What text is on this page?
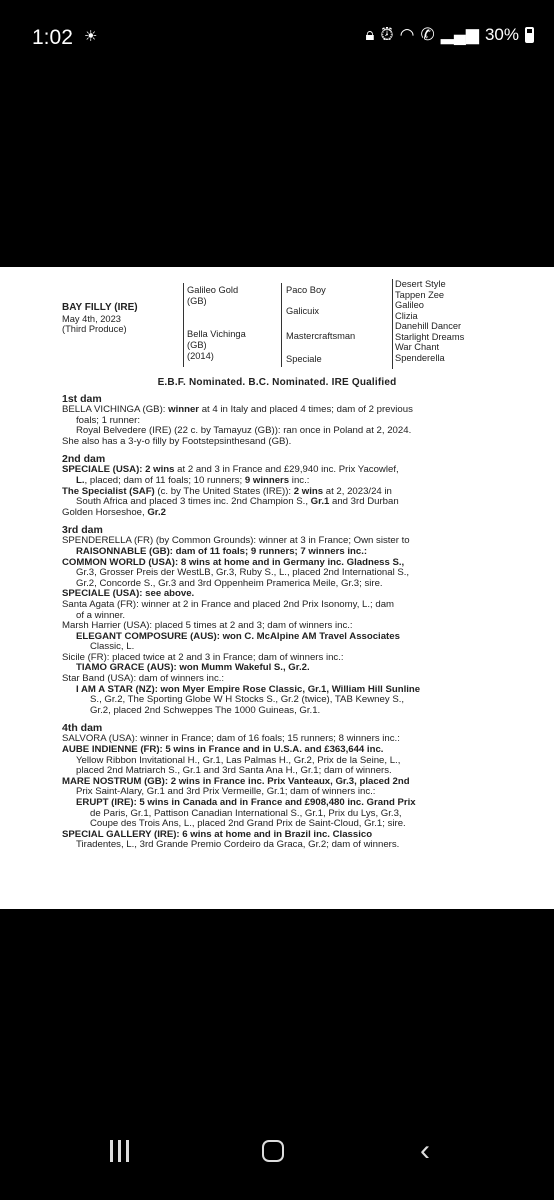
1:02 ☀	🔒︎ ⏰︎ ◠ ✆ ▂▄▆ 30%
BAY FILLY (IRE)
May 4th, 2023
(Third Produce)
Galileo Gold
(GB)
Bella Vichinga
(GB)
(2014)
Paco Boy
Galicuix
Mastercraftsman
Speciale
Desert Style
Tappen Zee
Galileo
Clizia
Danehill Dancer
Starlight Dreams
War Chant
Spenderella
E.B.F. Nominated. B.C. Nominated. IRE Qualified
1st dam

BELLA VICHINGA (GB): winner at 4 in Italy and placed 4 times; dam of 2 previous

foals; 1 runner:

Royal Belvedere (IRE) (22 c. by Tamayuz (GB)): ran once in Poland at 2, 2024.

She also has a 3-y-o filly by Footstepsinthesand (GB).

2nd dam

SPECIALE (USA): 2 wins at 2 and 3 in France and £29,940 inc. Prix Yacowlef,

L., placed; dam of 11 foals; 10 runners; 9 winners inc.:

The Specialist (SAF) (c. by The United States (IRE)): 2 wins at 2, 2023/24 in

South Africa and placed 3 times inc. 2nd Champion S., Gr.1 and 3rd Durban

Golden Horseshoe, Gr.2

3rd dam

SPENDERELLA (FR) (by Common Grounds): winner at 3 in France; Own sister to

RAISONNABLE (GB): dam of 11 foals; 9 runners; 7 winners inc.:

COMMON WORLD (USA): 8 wins at home and in Germany inc. Gladness S.,

Gr.3, Grosser Preis der WestLB, Gr.3, Ruby S., L., placed 2nd International S.,

Gr.2, Concorde S., Gr.3 and 3rd Oppenheim Pramerica Meile, Gr.3; sire.

SPECIALE (USA): see above.

Santa Agata (FR): winner at 2 in France and placed 2nd Prix Isonomy, L.; dam

of a winner.

Marsh Harrier (USA): placed 5 times at 2 and 3; dam of winners inc.:

ELEGANT COMPOSURE (AUS): won C. McAlpine AM Travel Associates

Classic, L.

Sicile (FR): placed twice at 2 and 3 in France; dam of winners inc.:

TIAMO GRACE (AUS): won Mumm Wakeful S., Gr.2.

Star Band (USA): dam of winners inc.:

I AM A STAR (NZ): won Myer Empire Rose Classic, Gr.1, William Hill Sunline

S., Gr.2, The Sporting Globe W H Stocks S., Gr.2 (twice), TAB Kewney S.,

Gr.2, placed 2nd Schweppes The 1000 Guineas, Gr.1.

4th dam

SALVORA (USA): winner in France; dam of 16 foals; 15 runners; 8 winners inc.:

AUBE INDIENNE (FR): 5 wins in France and in U.S.A. and £363,644 inc.

Yellow Ribbon Invitational H., Gr.1, Las Palmas H., Gr.2, Prix de la Seine, L.,

placed 2nd Matriarch S., Gr.1 and 3rd Santa Ana H., Gr.1; dam of winners.

MARE NOSTRUM (GB): 2 wins in France inc. Prix Vanteaux, Gr.3, placed 2nd

Prix Saint-Alary, Gr.1 and 3rd Prix Vermeille, Gr.1; dam of winners inc.:

ERUPT (IRE): 5 wins in Canada and in France and £908,480 inc. Grand Prix

de Paris, Gr.1, Pattison Canadian International S., Gr.1, Prix du Lys, Gr.3,

Coupe des Trois Ans, L., placed 2nd Grand Prix de Saint-Cloud, Gr.1; sire.

SPECIAL GALLERY (IRE): 6 wins at home and in Brazil inc. Classico

Tiradentes, L., 3rd Grande Premio Cordeiro da Graca, Gr.2; dam of winners.

‹
